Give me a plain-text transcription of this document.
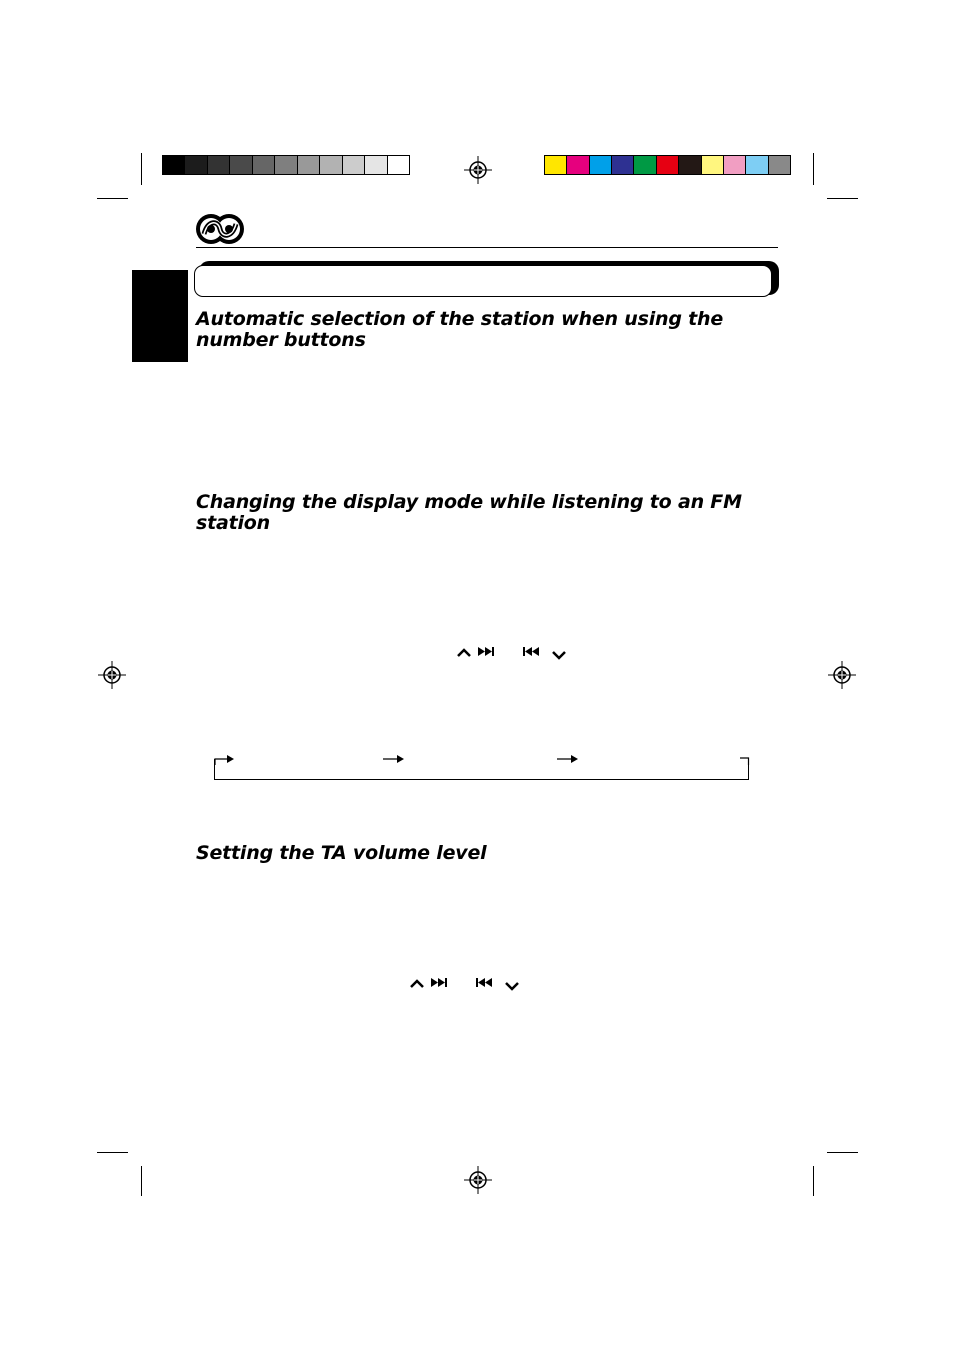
Automatic selection of the station when using the number buttons
Changing the display mode while listening to an FM station
Setting the TA volume level
